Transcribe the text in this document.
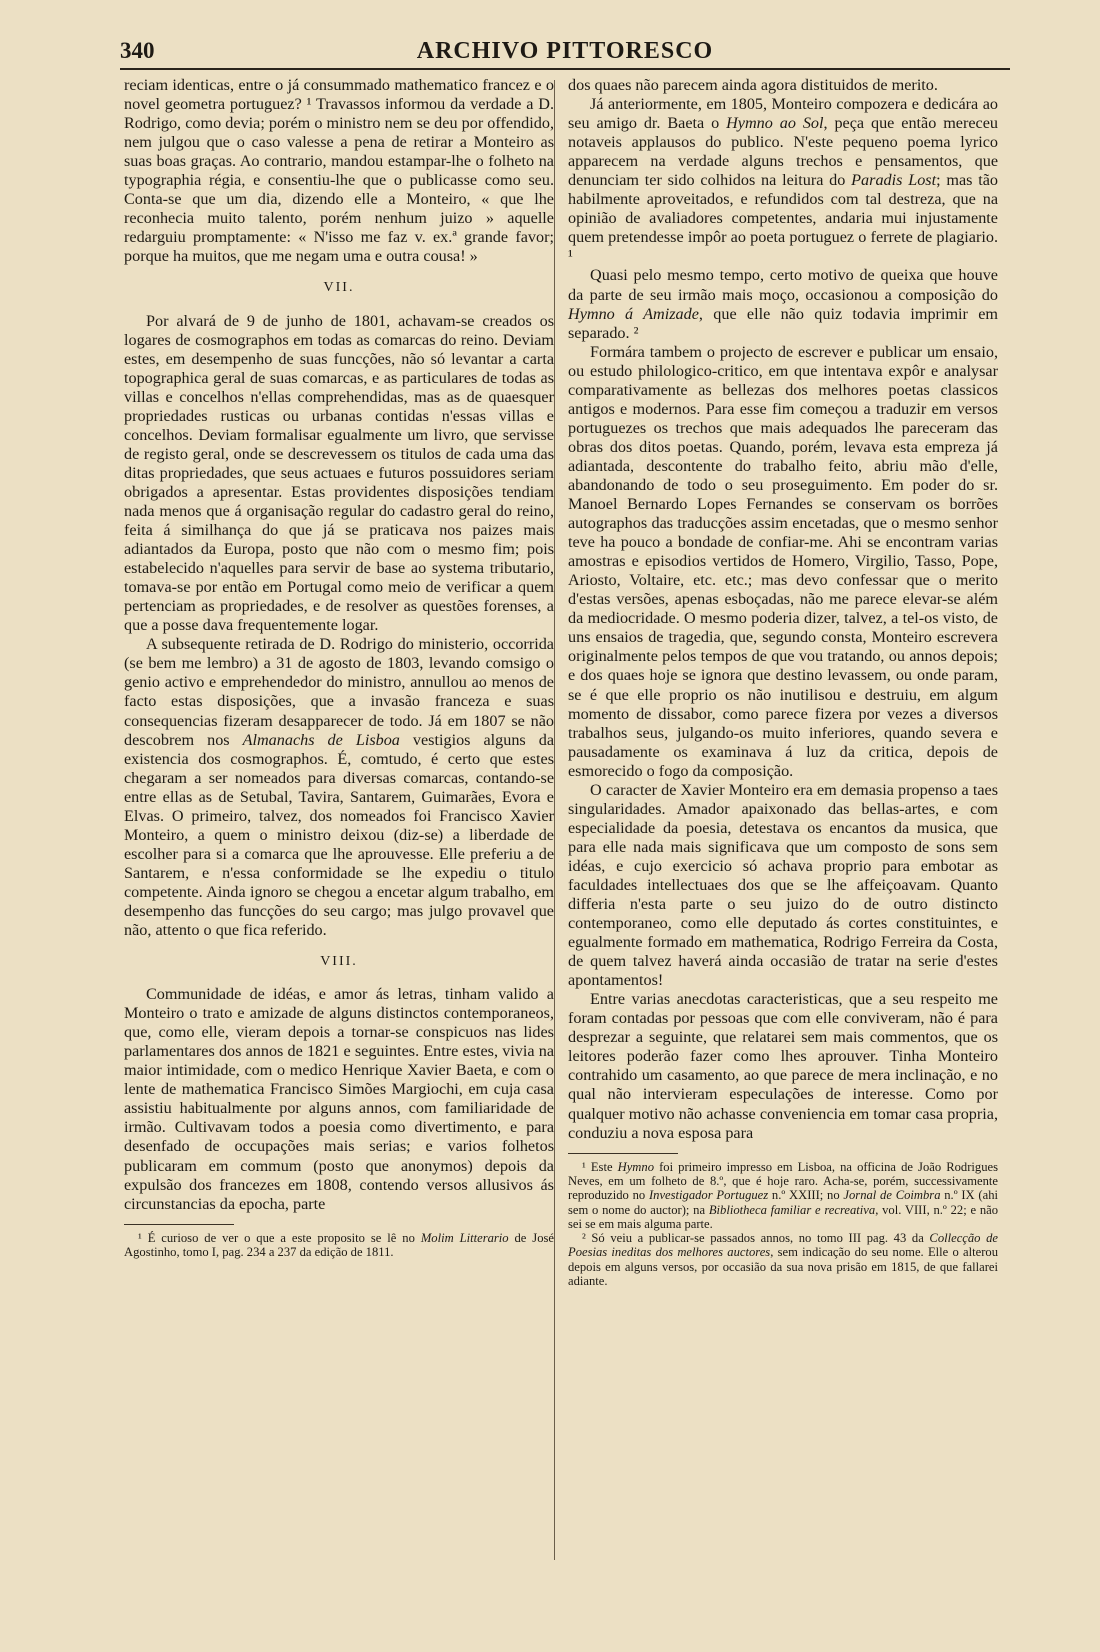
340	ARCHIVO PITTORESCO

reciam identicas, entre o já consummado mathematico francez e o novel geometra portuguez? ¹ Travassos informou da verdade a D. Rodrigo, como devia; porém o ministro nem se deu por offendido, nem julgou que o caso valesse a pena de retirar a Monteiro as suas boas graças. Ao contrario, mandou estampar-lhe o folheto na typographia régia, e consentiu-lhe que o publicasse como seu. Conta-se que um dia, dizendo elle a Monteiro, « que lhe reconhecia muito talento, porém nenhum juizo » aquelle redarguiu promptamente: « N'isso me faz v. ex.ª grande favor; porque ha muitos, que me negam uma e outra cousa! »

VII.

Por alvará de 9 de junho de 1801, achavam-se creados os logares de cosmographos em todas as comarcas do reino. Deviam estes, em desempenho de suas funcções, não só levantar a carta topographica geral de suas comarcas, e as particulares de todas as villas e concelhos n'ellas comprehendidas, mas as de quaesquer propriedades rusticas ou urbanas contidas n'essas villas e concelhos. Deviam formalisar egualmente um livro, que servisse de registo geral, onde se descrevessem os titulos de cada uma das ditas propriedades, que seus actuaes e futuros possuidores seriam obrigados a apresentar. Estas providentes disposições tendiam nada menos que á organisação regular do cadastro geral do reino, feita á similhança do que já se praticava nos paizes mais adiantados da Europa, posto que não com o mesmo fim; pois estabelecido n'aquelles para servir de base ao systema tributario, tomava-se por então em Portugal como meio de verificar a quem pertenciam as propriedades, e de resolver as questões forenses, a que a posse dava frequentemente logar.

A subsequente retirada de D. Rodrigo do ministerio, occorrida (se bem me lembro) a 31 de agosto de 1803, levando comsigo o genio activo e emprehendedor do ministro, annullou ao menos de facto estas disposições, que a invasão franceza e suas consequencias fizeram desapparecer de todo. Já em 1807 se não descobrem nos Almanachs de Lisboa vestigios alguns da existencia dos cosmographos. É, comtudo, é certo que estes chegaram a ser nomeados para diversas comarcas, contando-se entre ellas as de Setubal, Tavira, Santarem, Guimarães, Evora e Elvas. O primeiro, talvez, dos nomeados foi Francisco Xavier Monteiro, a quem o ministro deixou (diz-se) a liberdade de escolher para si a comarca que lhe aprouvesse. Elle preferiu a de Santarem, e n'essa conformidade se lhe expediu o titulo competente. Ainda ignoro se chegou a encetar algum trabalho, em desempenho das funcções do seu cargo; mas julgo provavel que não, attento o que fica referido.

VIII.

Communidade de idéas, e amor ás letras, tinham valido a Monteiro o trato e amizade de alguns distinctos contemporaneos, que, como elle, vieram depois a tornar-se conspicuos nas lides parlamentares dos annos de 1821 e seguintes. Entre estes, vivia na maior intimidade, com o medico Henrique Xavier Baeta, e com o lente de mathematica Francisco Simões Margiochi, em cuja casa assistiu habitualmente por alguns annos, com familiaridade de irmão. Cultivavam todos a poesia como divertimento, e para desenfado de occupações mais serias; e varios folhetos publicaram em commum (posto que anonymos) depois da expulsão dos francezes em 1808, contendo versos allusivos ás circunstancias da epocha, parte

¹ É curioso de ver o que a este proposito se lê no Molim Litterario de José Agostinho, tomo I, pag. 234 a 237 da edição de 1811.

dos quaes não parecem ainda agora distituidos de merito.

Já anteriormente, em 1805, Monteiro compozera e dedicára ao seu amigo dr. Baeta o Hymno ao Sol, peça que então mereceu notaveis applausos do publico. N'este pequeno poema lyrico apparecem na verdade alguns trechos e pensamentos, que denunciam ter sido colhidos na leitura do Paradis Lost; mas tão habilmente aproveitados, e refundidos com tal destreza, que na opinião de avaliadores competentes, andaria mui injustamente quem pretendesse impôr ao poeta portuguez o ferrete de plagiario. ¹

Quasi pelo mesmo tempo, certo motivo de queixa que houve da parte de seu irmão mais moço, occasionou a composição do Hymno á Amizade, que elle não quiz todavia imprimir em separado. ²

Formára tambem o projecto de escrever e publicar um ensaio, ou estudo philologico-critico, em que intentava expôr e analysar comparativamente as bellezas dos melhores poetas classicos antigos e modernos. Para esse fim começou a traduzir em versos portuguezes os trechos que mais adequados lhe pareceram das obras dos ditos poetas. Quando, porém, levava esta empreza já adiantada, descontente do trabalho feito, abriu mão d'elle, abandonando de todo o seu proseguimento. Em poder do sr. Manoel Bernardo Lopes Fernandes se conservam os borrões autographos das traducções assim encetadas, que o mesmo senhor teve ha pouco a bondade de confiar-me. Ahi se encontram varias amostras e episodios vertidos de Homero, Virgilio, Tasso, Pope, Ariosto, Voltaire, etc. etc.; mas devo confessar que o merito d'estas versões, apenas esboçadas, não me parece elevar-se além da mediocridade. O mesmo poderia dizer, talvez, a tel-os visto, de uns ensaios de tragedia, que, segundo consta, Monteiro escrevera originalmente pelos tempos de que vou tratando, ou annos depois; e dos quaes hoje se ignora que destino levassem, ou onde param, se é que elle proprio os não inutilisou e destruiu, em algum momento de dissabor, como parece fizera por vezes a diversos trabalhos seus, julgando-os muito inferiores, quando severa e pausadamente os examinava á luz da critica, depois de esmorecido o fogo da composição.

O caracter de Xavier Monteiro era em demasia propenso a taes singularidades. Amador apaixonado das bellas-artes, e com especialidade da poesia, detestava os encantos da musica, que para elle nada mais significava que um composto de sons sem idéas, e cujo exercicio só achava proprio para embotar as faculdades intellectuaes dos que se lhe affeiçoavam. Quanto differia n'esta parte o seu juizo do de outro distincto contemporaneo, como elle deputado ás cortes constituintes, e egualmente formado em mathematica, Rodrigo Ferreira da Costa, de quem talvez haverá ainda occasião de tratar na serie d'estes apontamentos!

Entre varias anecdotas caracteristicas, que a seu respeito me foram contadas por pessoas que com elle conviveram, não é para desprezar a seguinte, que relatarei sem mais commentos, que os leitores poderão fazer como lhes aprouver. Tinha Monteiro contrahido um casamento, ao que parece de mera inclinação, e no qual não intervieram especulações de interesse. Como por qualquer motivo não achasse conveniencia em tomar casa propria, conduziu a nova esposa para

¹ Este Hymno foi primeiro impresso em Lisboa, na officina de João Rodrigues Neves, em um folheto de 8.º, que é hoje raro. Acha-se, porém, successivamente reproduzido no Investigador Portuguez n.º XXIII; no Jornal de Coimbra n.º IX (ahi sem o nome do auctor); na Bibliotheca familiar e recreativa, vol. VIII, n.º 22; e não sei se em mais alguma parte.

² Só veiu a publicar-se passados annos, no tomo III pag. 43 da Collecção de Poesias ineditas dos melhores auctores, sem indicação do seu nome. Elle o alterou depois em alguns versos, por occasião da sua nova prisão em 1815, de que fallarei adiante.
